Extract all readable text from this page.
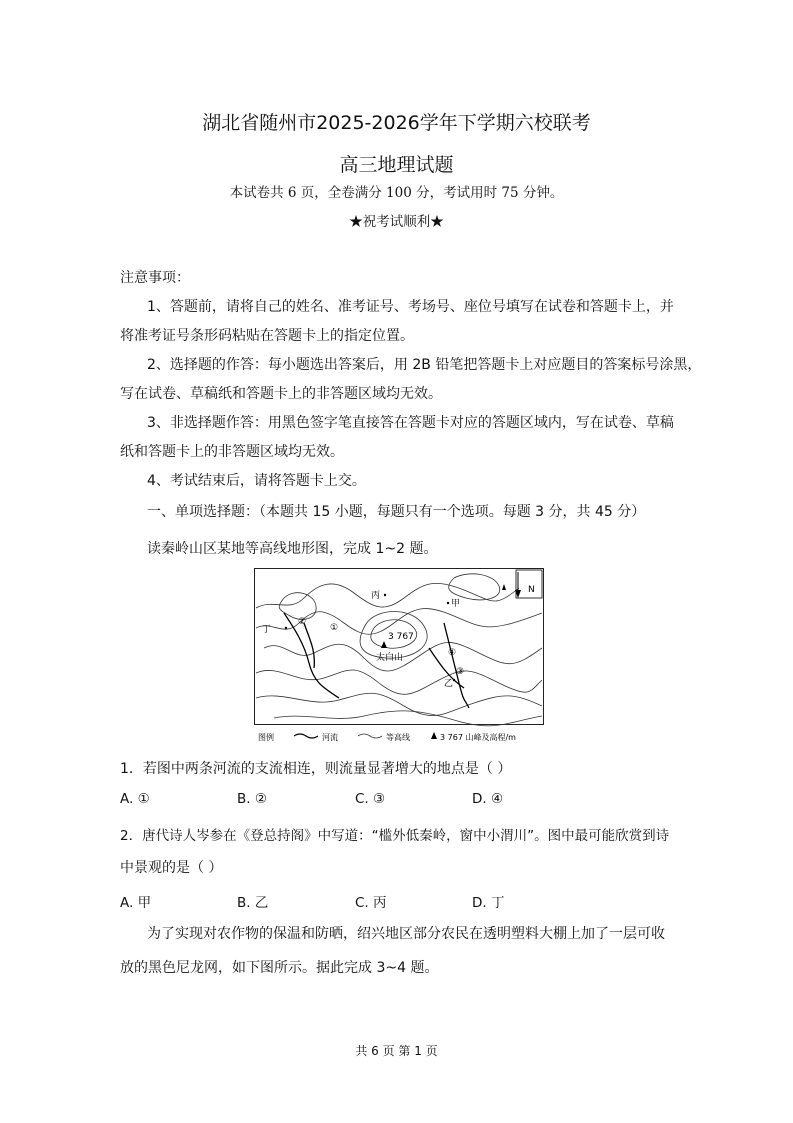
湖北省随州市2025-2026学年下学期六校联考
高三地理试题
本试卷共 6 页，全卷满分 100 分，考试用时 75 分钟。
★祝考试顺利★
注意事项：
1、答题前，请将自己的姓名、准考证号、考场号、座位号填写在试卷和答题卡上，并
将准考证号条形码粘贴在答题卡上的指定位置。
2、选择题的作答：每小题选出答案后，用 2B 铅笔把答题卡上对应题目的答案标号涂黑，
写在试卷、草稿纸和答题卡上的非答题区域均无效。
3、非选择题作答：用黑色签字笔直接答在答题卡对应的答题区域内，写在试卷、草稿
纸和答题卡上的非答题区域均无效。
4、考试结束后，请将答题卡上交。
一、单项选择题：（本题共 15 小题，每题只有一个选项。每题 3 分，共 45 分）
读秦岭山区某地等高线地形图，完成 1~2 题。
N
丙
甲
丁
乙
②
①
④
③
3 767
太白山
图例	河流	等高线	3 767 山峰及高程/m
1．若图中两条河流的支流相连，则流量显著增大的地点是（ ）
A. ①	B. ②	C. ③	D. ④
2．唐代诗人岑参在《登总持阁》中写道：“槛外低秦岭，窗中小渭川”。图中最可能欣赏到诗
中景观的是（ ）
A. 甲	B. 乙	C. 丙	D. 丁
为了实现对农作物的保温和防晒，绍兴地区部分农民在透明塑料大棚上加了一层可收
放的黑色尼龙网，如下图所示。据此完成 3~4 题。
共 6 页 第 1 页
